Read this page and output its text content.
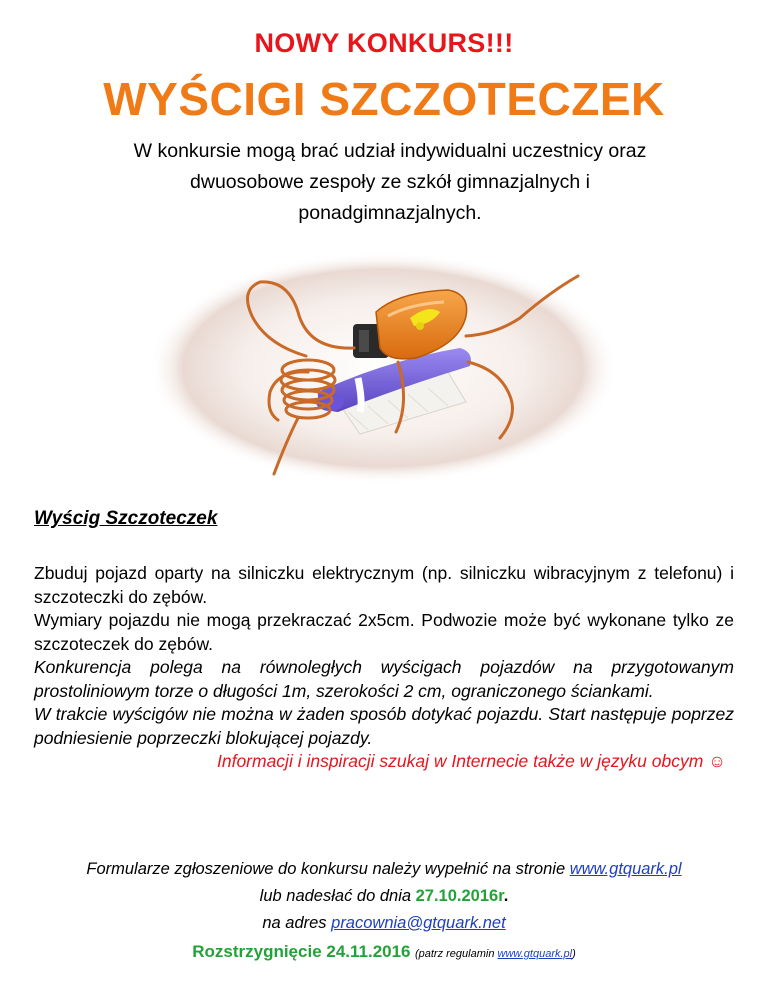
NOWY KONKURS!!!
WYŚCIGI SZCZOTECZEK
W konkursie mogą brać udział indywidualni uczestnicy oraz
dwuosobowe zespoły ze szkół gimnazjalnych i
ponadgimnazjalnych.
Wyścig Szczoteczek

Zbuduj pojazd oparty na silniczku elektrycznym (np. silniczku wibracyjnym z telefonu) i szczoteczki do zębów.

Wymiary pojazdu nie mogą przekraczać 2x5cm. Podwozie może być wykonane tylko ze szczoteczek do zębów.

Konkurencja polega na równoległych wyścigach pojazdów na przygotowanym prostoliniowym torze o długości 1m, szerokości 2 cm, ograniczonego ściankami.

W trakcie wyścigów nie można w żaden sposób dotykać pojazdu. Start następuje poprzez podniesienie poprzeczki blokującej pojazdy.

Informacji i inspiracji szukaj w Internecie także w języku obcym ☺

Formularze zgłoszeniowe do konkursu należy wypełnić na stronie www.gtquark.pl
lub nadesłać do dnia 27.10.2016r.
na adres pracownia@gtquark.net
Rozstrzygnięcie 24.11.2016 (patrz regulamin www.gtquark.pl)
